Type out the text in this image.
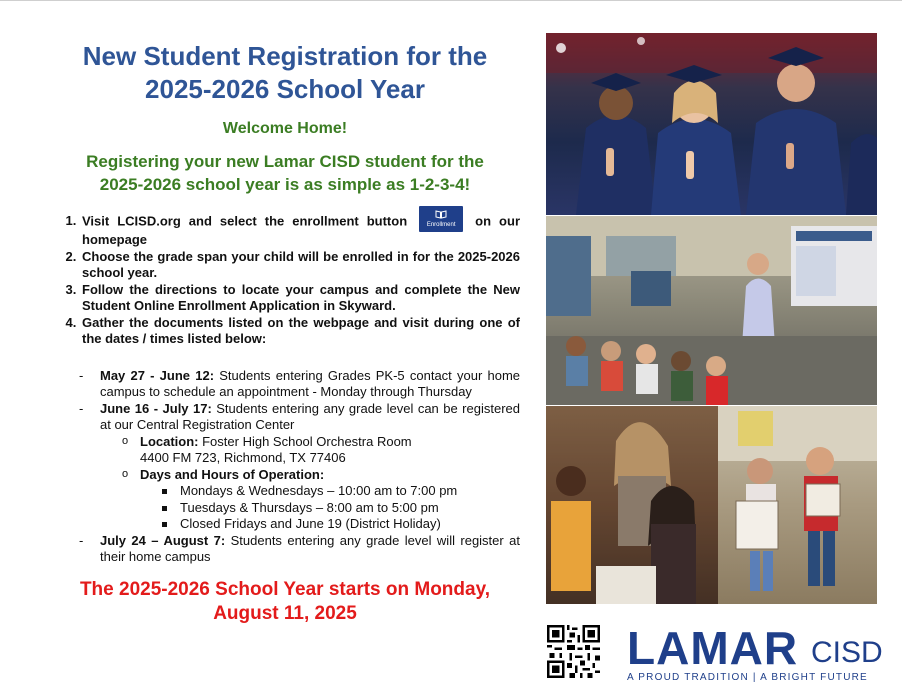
New Student Registration for the
2025-2026 School Year
Welcome Home!
Registering your new Lamar CISD student for the
2025-2026 school year is as simple as 1-2-3-4!
1. Visit LCISD.org and select the enrollment button	Enrollment on our homepage
2. Choose the grade span your child will be enrolled in for the 2025-2026 school year.
3. Follow the directions to locate your campus and complete the New Student Online Enrollment Application in Skyward.
4. Gather the documents listed on the webpage and visit during one of the dates / times listed below:
- May 27 - June 12: Students entering Grades PK-5 contact your home campus to schedule an appointment - Monday through Thursday
- June 16 - July 17: Students entering any grade level can be registered at our Central Registration Center
o Location: Foster High School Orchestra Room
4400 FM 723, Richmond, TX 77406
o Days and Hours of Operation:
Mondays & Wednesdays – 10:00 am to 7:00 pm
Tuesdays & Thursdays – 8:00 am to 5:00 pm
Closed Fridays and June 19 (District Holiday)
- July 24 – August 7: Students entering any grade level will register at their home campus
The 2025-2026 School Year starts on Monday,
August 11, 2025
LAMAR CISD
A PROUD TRADITION | A BRIGHT FUTURE
